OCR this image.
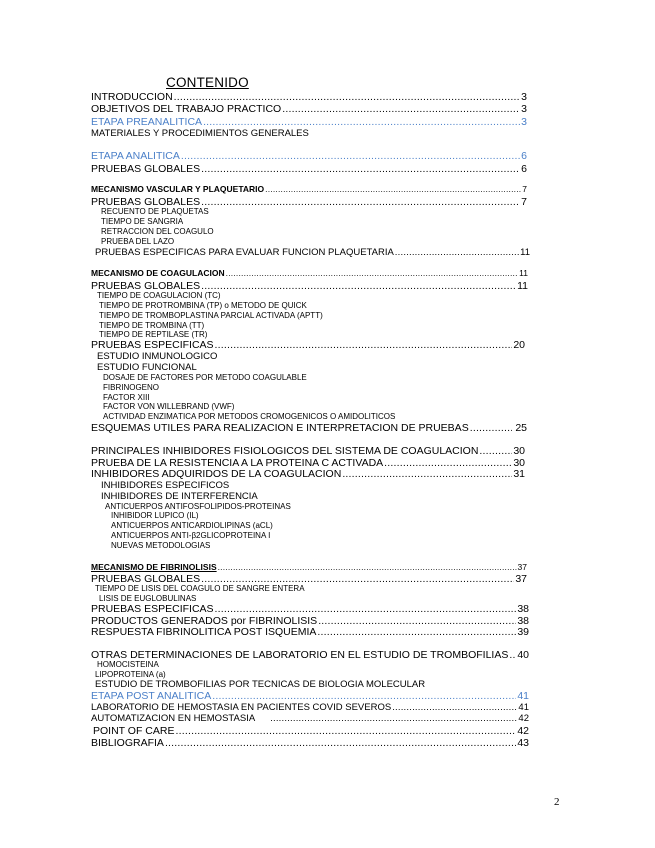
CONTENIDO
INTRODUCCIÓN .....	3
OBJETIVOS DEL TRABAJO PRÁCTICO .....	3
ETAPA PREANALITICA .....	3
MATERIALES Y PROCEDIMIENTOS GENERALES
ETAPA ANALITICA .....	6
PRUEBAS GLOBALES .....	6
MECANISMO VASCULAR Y PLAQUETARIO .....	7
PRUEBAS GLOBALES .....	7
RECUENTO DE PLAQUETAS
TIEMPO DE SANGRÍA
RETRACCIÓN DEL COÁGULO
PRUEBA DEL LAZO
PRUEBAS ESPECÍFICAS PARA EVALUAR FUNCION PLAQUETARIA .....	11
MECANISMO DE COAGULACION .....	11
PRUEBAS GLOBALES .....	11
TIEMPO DE COAGULACION (TC)
TIEMPO DE PROTROMBINA (TP) o METODO DE QUICK
TIEMPO DE TROMBOPLASTINA PARCIAL ACTIVADA (APTT)
TIEMPO DE TROMBINA (TT)
TIEMPO DE REPTILASE (TR)
PRUEBAS ESPECIFICAS .....	20
ESTUDIO INMUNOLOGICO
ESTUDIO FUNCIONAL
DOSAJE DE FACTORES POR METODO COAGULABLE
FIBRINÓGENO
FACTOR XIII
FACTOR VON WILLEBRAND (VWF)
ACTIVIDAD ENZIMÁTICA POR MÉTODOS CROMOGÉNICOS O AMIDOLÍTICOS
ESQUEMAS UTILES PARA REALIZACION E INTERPRETACION DE PRUEBAS .....	25
PRINCIPALES INHIBIDORES FISIOLOGICOS DEL SISTEMA DE COAGULACION .....	30
PRUEBA DE LA RESISTENCIA A LA PROTEINA C ACTIVADA .....	30
INHIBIDORES ADQUIRIDOS DE LA COAGULACION .....	31
INHIBIDORES ESPECIFICOS
INHIBIDORES DE INTERFERENCIA
ANTICUERPOS ANTIFOSFOLÍPIDOS-PROTEINAS
INHIBIDOR LÚPICO (IL)
ANTICUERPOS ANTICARDIOLIPINAS (aCL)
ANTICUERPOS ANTI-β2GLICOPROTEINA I
NUEVAS METODOLOGÍAS
MECANISMO DE FIBRINOLISIS .....	37
PRUEBAS GLOBALES .....	37
TIEMPO DE LISIS DEL COÁGULO DE SANGRE ENTERA
LISIS DE EUGLOBULINAS
PRUEBAS ESPECIFICAS .....	38
PRODUCTOS GENERADOS por FIBRINOLISIS .....	38
RESPUESTA FIBRINOLITICA POST ISQUEMIA .....	39
OTRAS DETERMINACIONES DE LABORATORIO EN EL ESTUDIO DE TROMBOFILIAS ..... 40
HOMOCISTEINA
LIPOPROTEÍNA (a)
ESTUDIO DE TROMBOFILIAS POR TECNICAS DE BIOLOGIA MOLECULAR
ETAPA POST ANALITICA .....	41
LABORATORIO DE HEMOSTASIA EN PACIENTES COVID SEVEROS .....	41
AUTOMATIZACIÓN EN HEMOSTASIA .....	42
POINT OF CARE .....	42
BIBLIOGRAFIA .....	43
2
